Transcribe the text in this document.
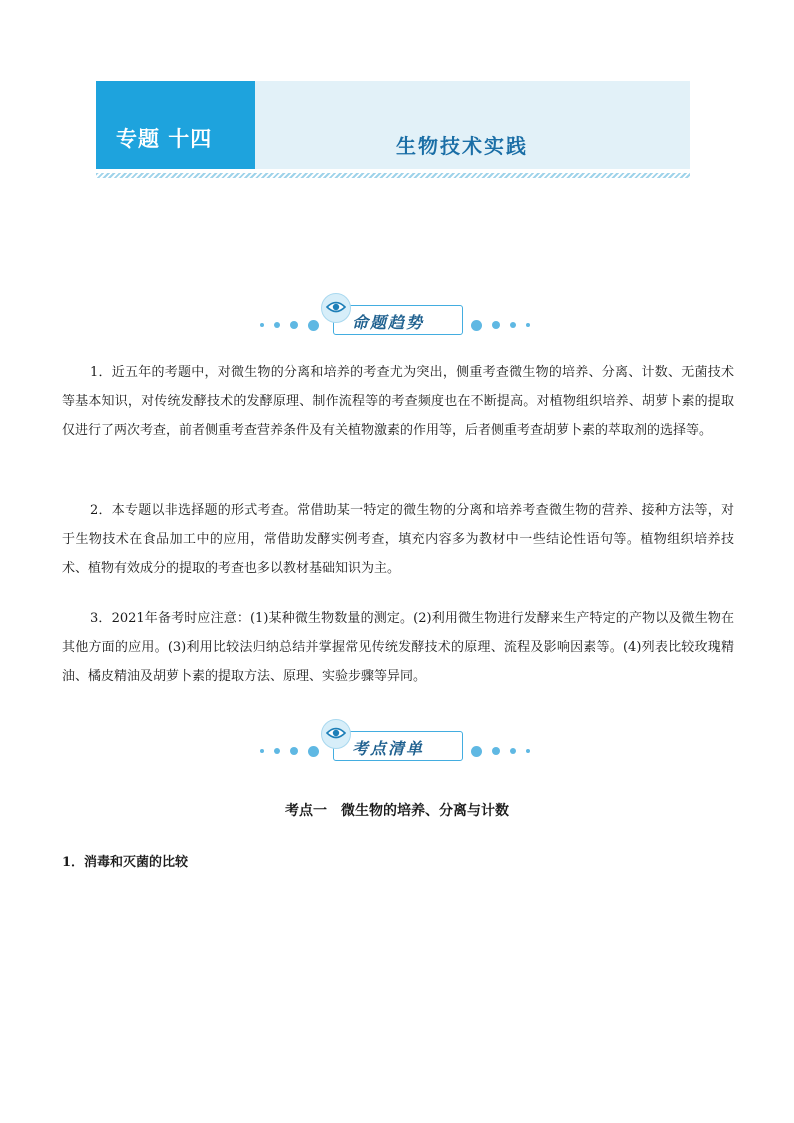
专题 十四	生物技术实践
命题趋势

1．近五年的考题中，对微生物的分离和培养的考查尤为突出，侧重考查微生物的培养、分离、计数、无菌技术等基本知识，对传统发酵技术的发酵原理、制作流程等的考查频度也在不断提高。对植物组织培养、胡萝卜素的提取仅进行了两次考查，前者侧重考查营养条件及有关植物激素的作用等，后者侧重考查胡萝卜素的萃取剂的选择等。

2．本专题以非选择题的形式考查。常借助某一特定的微生物的分离和培养考查微生物的营养、接种方法等，对于生物技术在食品加工中的应用，常借助发酵实例考查，填充内容多为教材中一些结论性语句等。植物组织培养技术、植物有效成分的提取的考查也多以教材基础知识为主。

3．2021年备考时应注意：(1)某种微生物数量的测定。(2)利用微生物进行发酵来生产特定的产物以及微生物在其他方面的应用。(3)利用比较法归纳总结并掌握常见传统发酵技术的原理、流程及影响因素等。(4)列表比较玫瑰精油、橘皮精油及胡萝卜素的提取方法、原理、实验步骤等异同。

考点清单
考点一　微生物的培养、分离与计数
1．消毒和灭菌的比较
